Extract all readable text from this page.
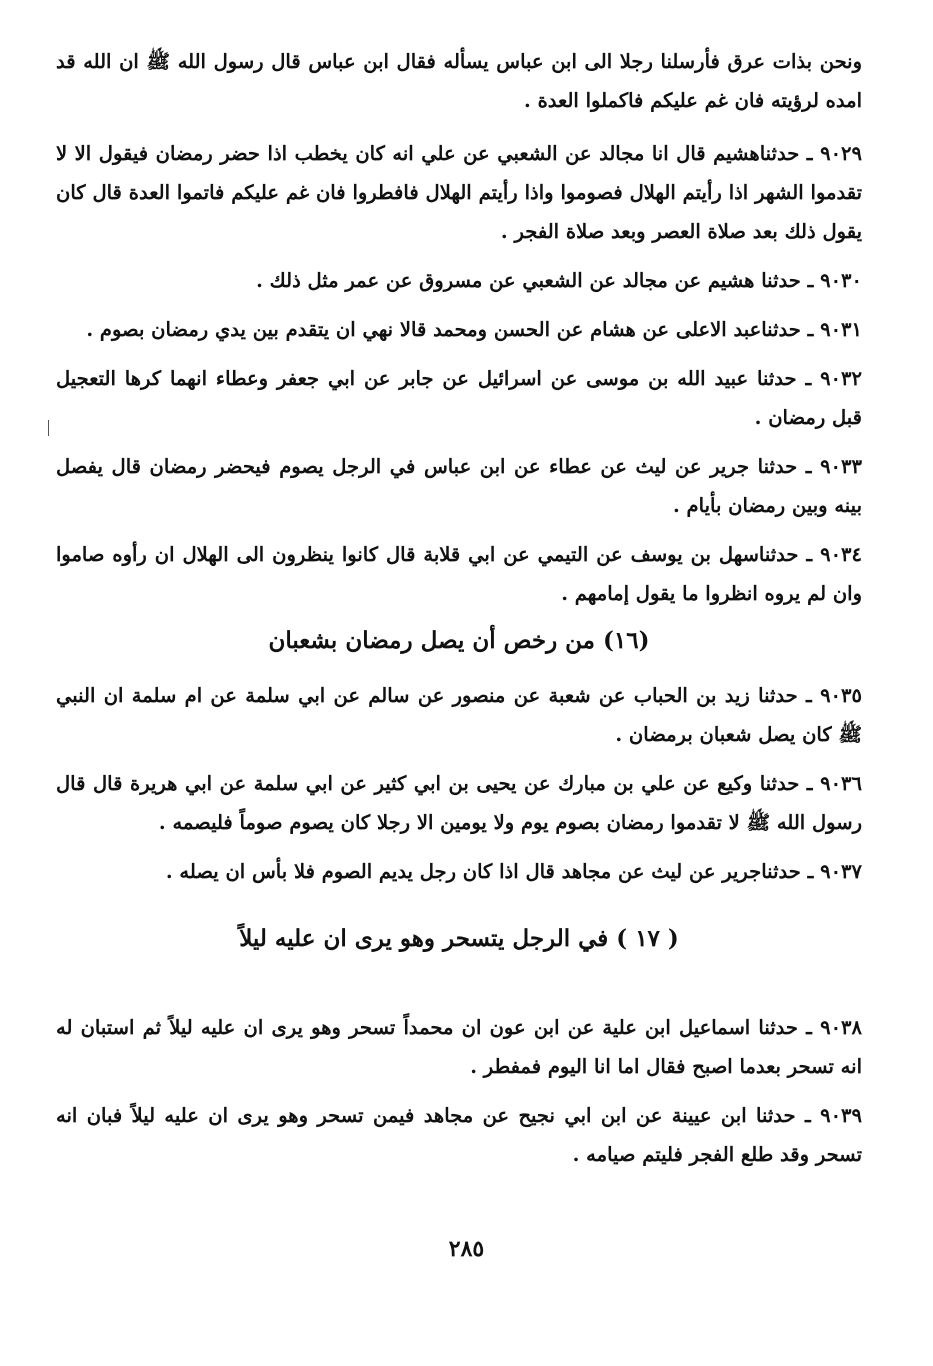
ونحن بذات عرق فأرسلنا رجلا الى ابن عباس يسأله فقال ابن عباس قال رسول الله ﷺ ان الله قد امده لرؤيته فان غم عليكم فاكملوا العدة .
٩٠٢٩ ـ حدثناهشيم قال انا مجالد عن الشعبي عن علي انه كان يخطب اذا حضر رمضان فيقول الا لا تقدموا الشهر اذا رأيتم الهلال فصوموا واذا رأيتم الهلال فافطروا فان غم عليكم فاتموا العدة قال كان يقول ذلك بعد صلاة العصر وبعد صلاة الفجر .
٩٠٣٠ ـ حدثنا هشيم عن مجالد عن الشعبي عن مسروق عن عمر مثل ذلك .
٩٠٣١ ـ حدثناعبد الاعلى عن هشام عن الحسن ومحمد قالا نهي ان يتقدم بين يدي رمضان بصوم .
٩٠٣٢ ـ حدثنا عبيد الله بن موسى عن اسرائيل عن جابر عن ابي جعفر وعطاء انهما كرها التعجيل قبل رمضان .
٩٠٣٣ ـ حدثنا جرير عن ليث عن عطاء عن ابن عباس في الرجل يصوم فيحضر رمضان قال يفصل بينه وبين رمضان بأيام .
٩٠٣٤ ـ حدثناسهل بن يوسف عن التيمي عن ابي قلابة قال كانوا ينظرون الى الهلال ان رأوه صاموا وان لم يروه انظروا ما يقول إمامهم .
(١٦) من رخص أن يصل رمضان بشعبان
٩٠٣٥ ـ حدثنا زيد بن الحباب عن شعبة عن منصور عن سالم عن ابي سلمة عن ام سلمة ان النبي ﷺ كان يصل شعبان برمضان .
٩٠٣٦ ـ حدثنا وكيع عن علي بن مبارك عن يحيى بن ابي كثير عن ابي سلمة عن ابي هريرة قال قال رسول الله ﷺ لا تقدموا رمضان بصوم يوم ولا يومين الا رجلا كان يصوم صوماً فليصمه .
٩٠٣٧ ـ حدثناجرير عن ليث عن مجاهد قال اذا كان رجل يديم الصوم فلا بأس ان يصله .
( ١٧ ) في الرجل يتسحر وهو يرى ان عليه ليلاً
٩٠٣٨ ـ حدثنا اسماعيل ابن علية عن ابن عون ان محمداً تسحر وهو يرى ان عليه ليلاً ثم استبان له انه تسحر بعدما اصبح فقال اما انا اليوم فمفطر .
٩٠٣٩ ـ حدثنا ابن عيينة عن ابن ابي نجيح عن مجاهد فيمن تسحر وهو يرى ان عليه ليلاً فبان انه تسحر وقد طلع الفجر فليتم صيامه .
٢٨٥
